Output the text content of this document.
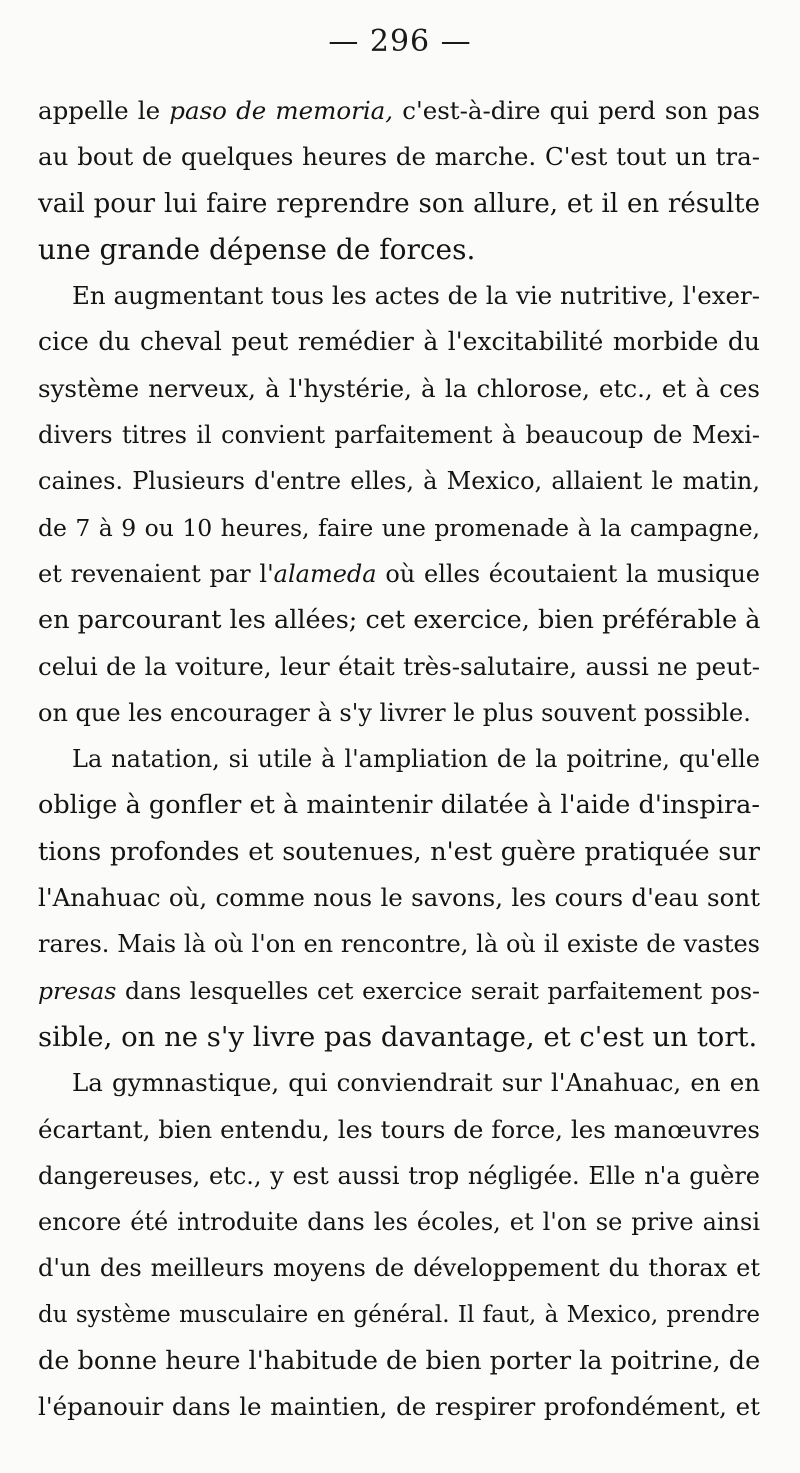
— 296 —
appelle le paso de memoria, c'est-à-dire qui perd son pas
au bout de quelques heures de marche. C'est tout un tra-
vail pour lui faire reprendre son allure, et il en résulte
une grande dépense de forces.
En augmentant tous les actes de la vie nutritive, l'exer-
cice du cheval peut remédier à l'excitabilité morbide du
système nerveux, à l'hystérie, à la chlorose, etc., et à ces
divers titres il convient parfaitement à beaucoup de Mexi-
caines. Plusieurs d'entre elles, à Mexico, allaient le matin,
de 7 à 9 ou 10 heures, faire une promenade à la campagne,
et revenaient par l'alameda où elles écoutaient la musique
en parcourant les allées; cet exercice, bien préférable à
celui de la voiture, leur était très-salutaire, aussi ne peut-
on que les encourager à s'y livrer le plus souvent possible.
La natation, si utile à l'ampliation de la poitrine, qu'elle
oblige à gonfler et à maintenir dilatée à l'aide d'inspira-
tions profondes et soutenues, n'est guère pratiquée sur
l'Anahuac où, comme nous le savons, les cours d'eau sont
rares. Mais là où l'on en rencontre, là où il existe de vastes
presas dans lesquelles cet exercice serait parfaitement pos-
sible, on ne s'y livre pas davantage, et c'est un tort.
La gymnastique, qui conviendrait sur l'Anahuac, en en
écartant, bien entendu, les tours de force, les manœuvres
dangereuses, etc., y est aussi trop négligée. Elle n'a guère
encore été introduite dans les écoles, et l'on se prive ainsi
d'un des meilleurs moyens de développement du thorax et
du système musculaire en général. Il faut, à Mexico, prendre
de bonne heure l'habitude de bien porter la poitrine, de
l'épanouir dans le maintien, de respirer profondément, et
